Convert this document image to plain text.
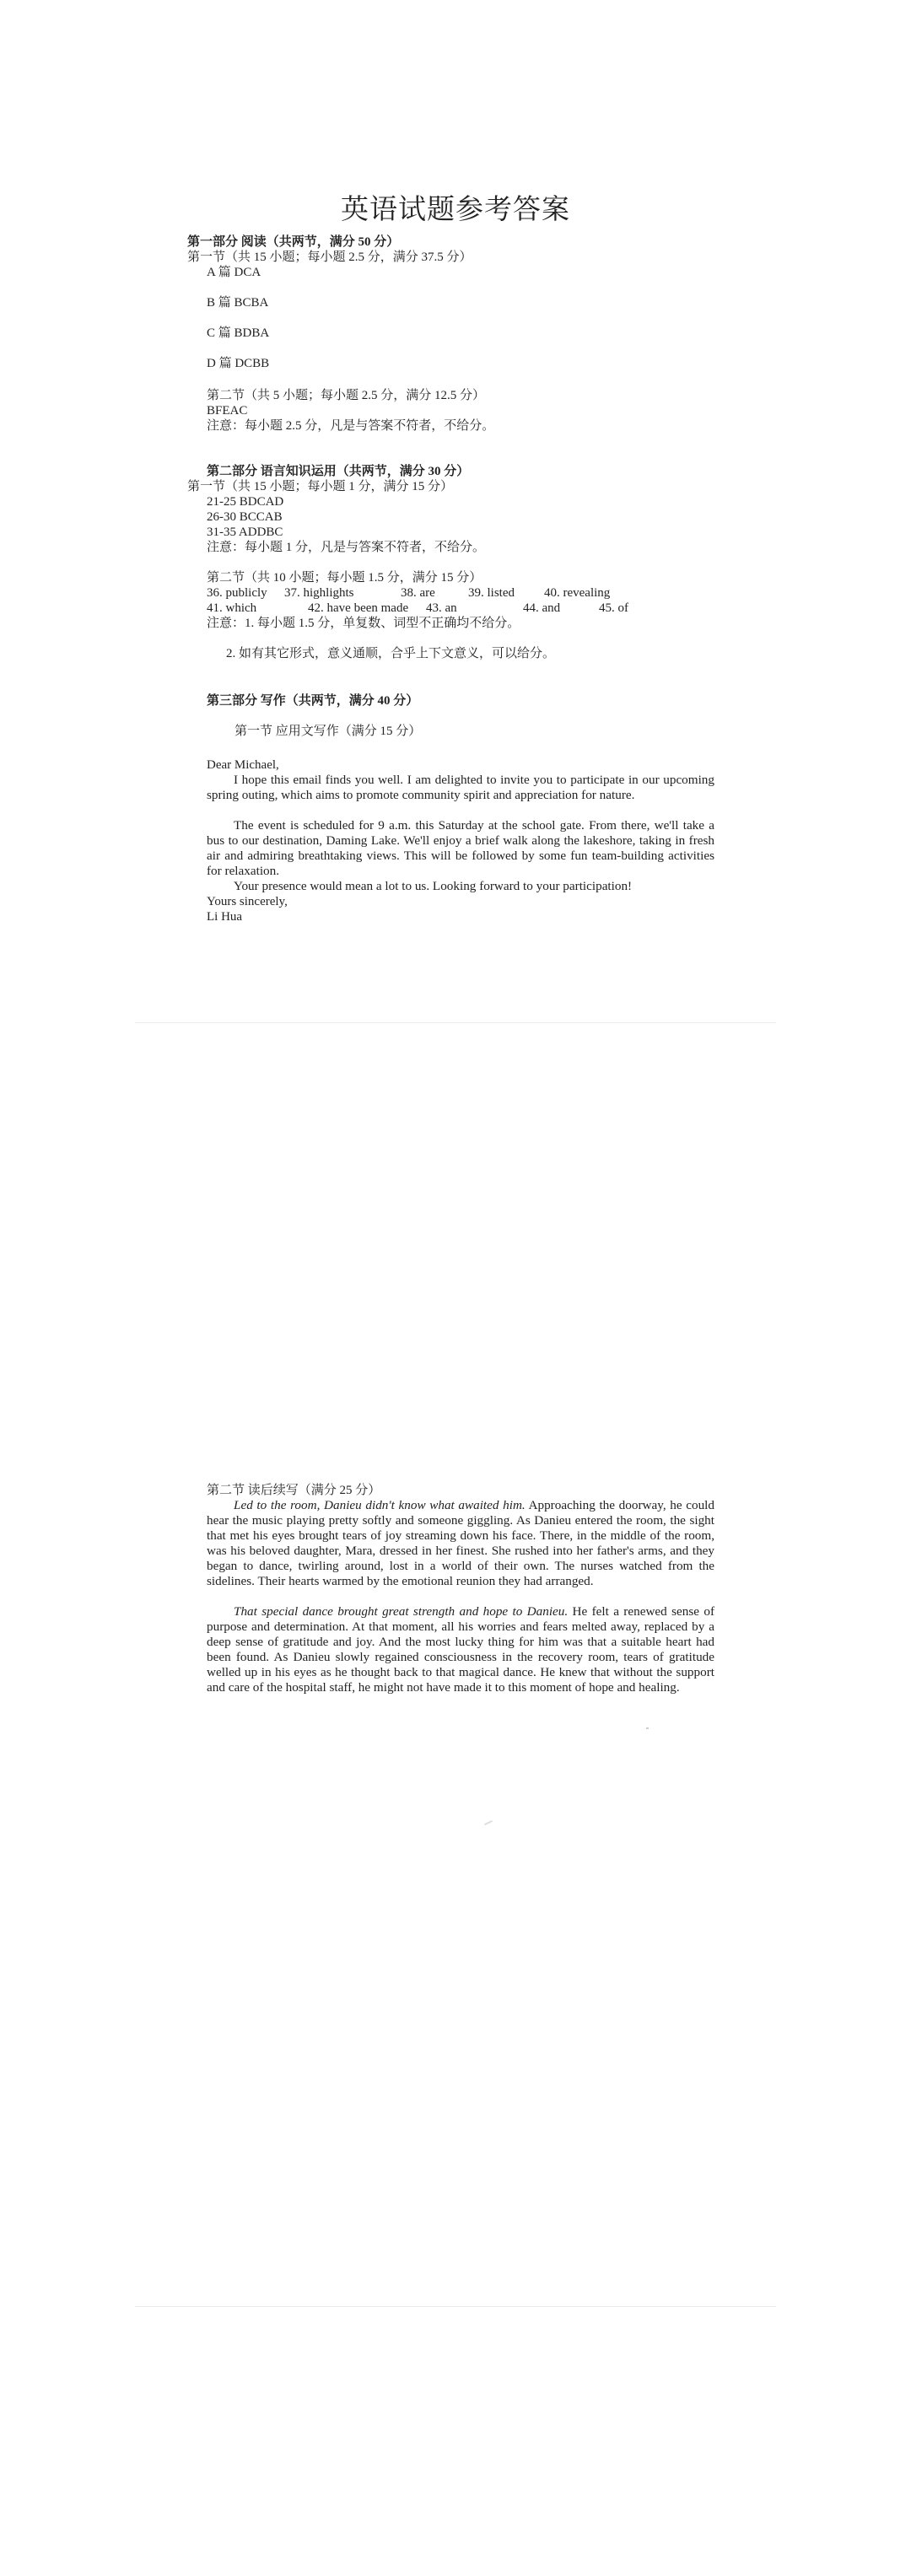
英语试题参考答案
第一部分 阅读（共两节，满分 50 分）
第一节（共 15 小题；每小题 2.5 分，满分 37.5 分）
A 篇 DCA
B 篇 BCBA
C 篇 BDBA
D 篇 DCBB
第二节（共 5 小题；每小题 2.5 分，满分 12.5 分）
BFEAC
注意：每小题 2.5 分，凡是与答案不符者，不给分。
第二部分 语言知识运用（共两节，满分 30 分）
第一节（共 15 小题；每小题 1 分，满分 15 分）
21-25 BDCAD
26-30 BCCAB
31-35 ADDBC
注意：每小题 1 分，凡是与答案不符者，不给分。
第二节（共 10 小题；每小题 1.5 分，满分 15 分）
36. publicly	37. highlights	38. are	39. listed	40. revealing
41. which	42. have been made	43. an	44. and	45. of
注意：1. 每小题 1.5 分，单复数、词型不正确均不给分。
2. 如有其它形式，意义通顺，合乎上下文意义，可以给分。
第三部分 写作（共两节，满分 40 分）
第一节 应用文写作（满分 15 分）
Dear Michael,
I hope this email finds you well. I am delighted to invite you to participate in our upcoming spring outing, which aims to promote community spirit and appreciation for nature.
The event is scheduled for 9 a.m. this Saturday at the school gate. From there, we'll take a bus to our destination, Daming Lake. We'll enjoy a brief walk along the lakeshore, taking in fresh air and admiring breathtaking views. This will be followed by some fun team-building activities for relaxation.
Your presence would mean a lot to us. Looking forward to your participation!
Yours sincerely,
Li Hua
第二节 读后续写（满分 25 分）
Led to the room, Danieu didn't know what awaited him. Approaching the doorway, he could hear the music playing pretty softly and someone giggling. As Danieu entered the room, the sight that met his eyes brought tears of joy streaming down his face. There, in the middle of the room, was his beloved daughter, Mara, dressed in her finest. She rushed into her father's arms, and they began to dance, twirling around, lost in a world of their own. The nurses watched from the sidelines. Their hearts warmed by the emotional reunion they had arranged.
That special dance brought great strength and hope to Danieu. He felt a renewed sense of purpose and determination. At that moment, all his worries and fears melted away, replaced by a deep sense of gratitude and joy. And the most lucky thing for him was that a suitable heart had been found. As Danieu slowly regained consciousness in the recovery room, tears of gratitude welled up in his eyes as he thought back to that magical dance. He knew that without the support and care of the hospital staff, he might not have made it to this moment of hope and healing.
